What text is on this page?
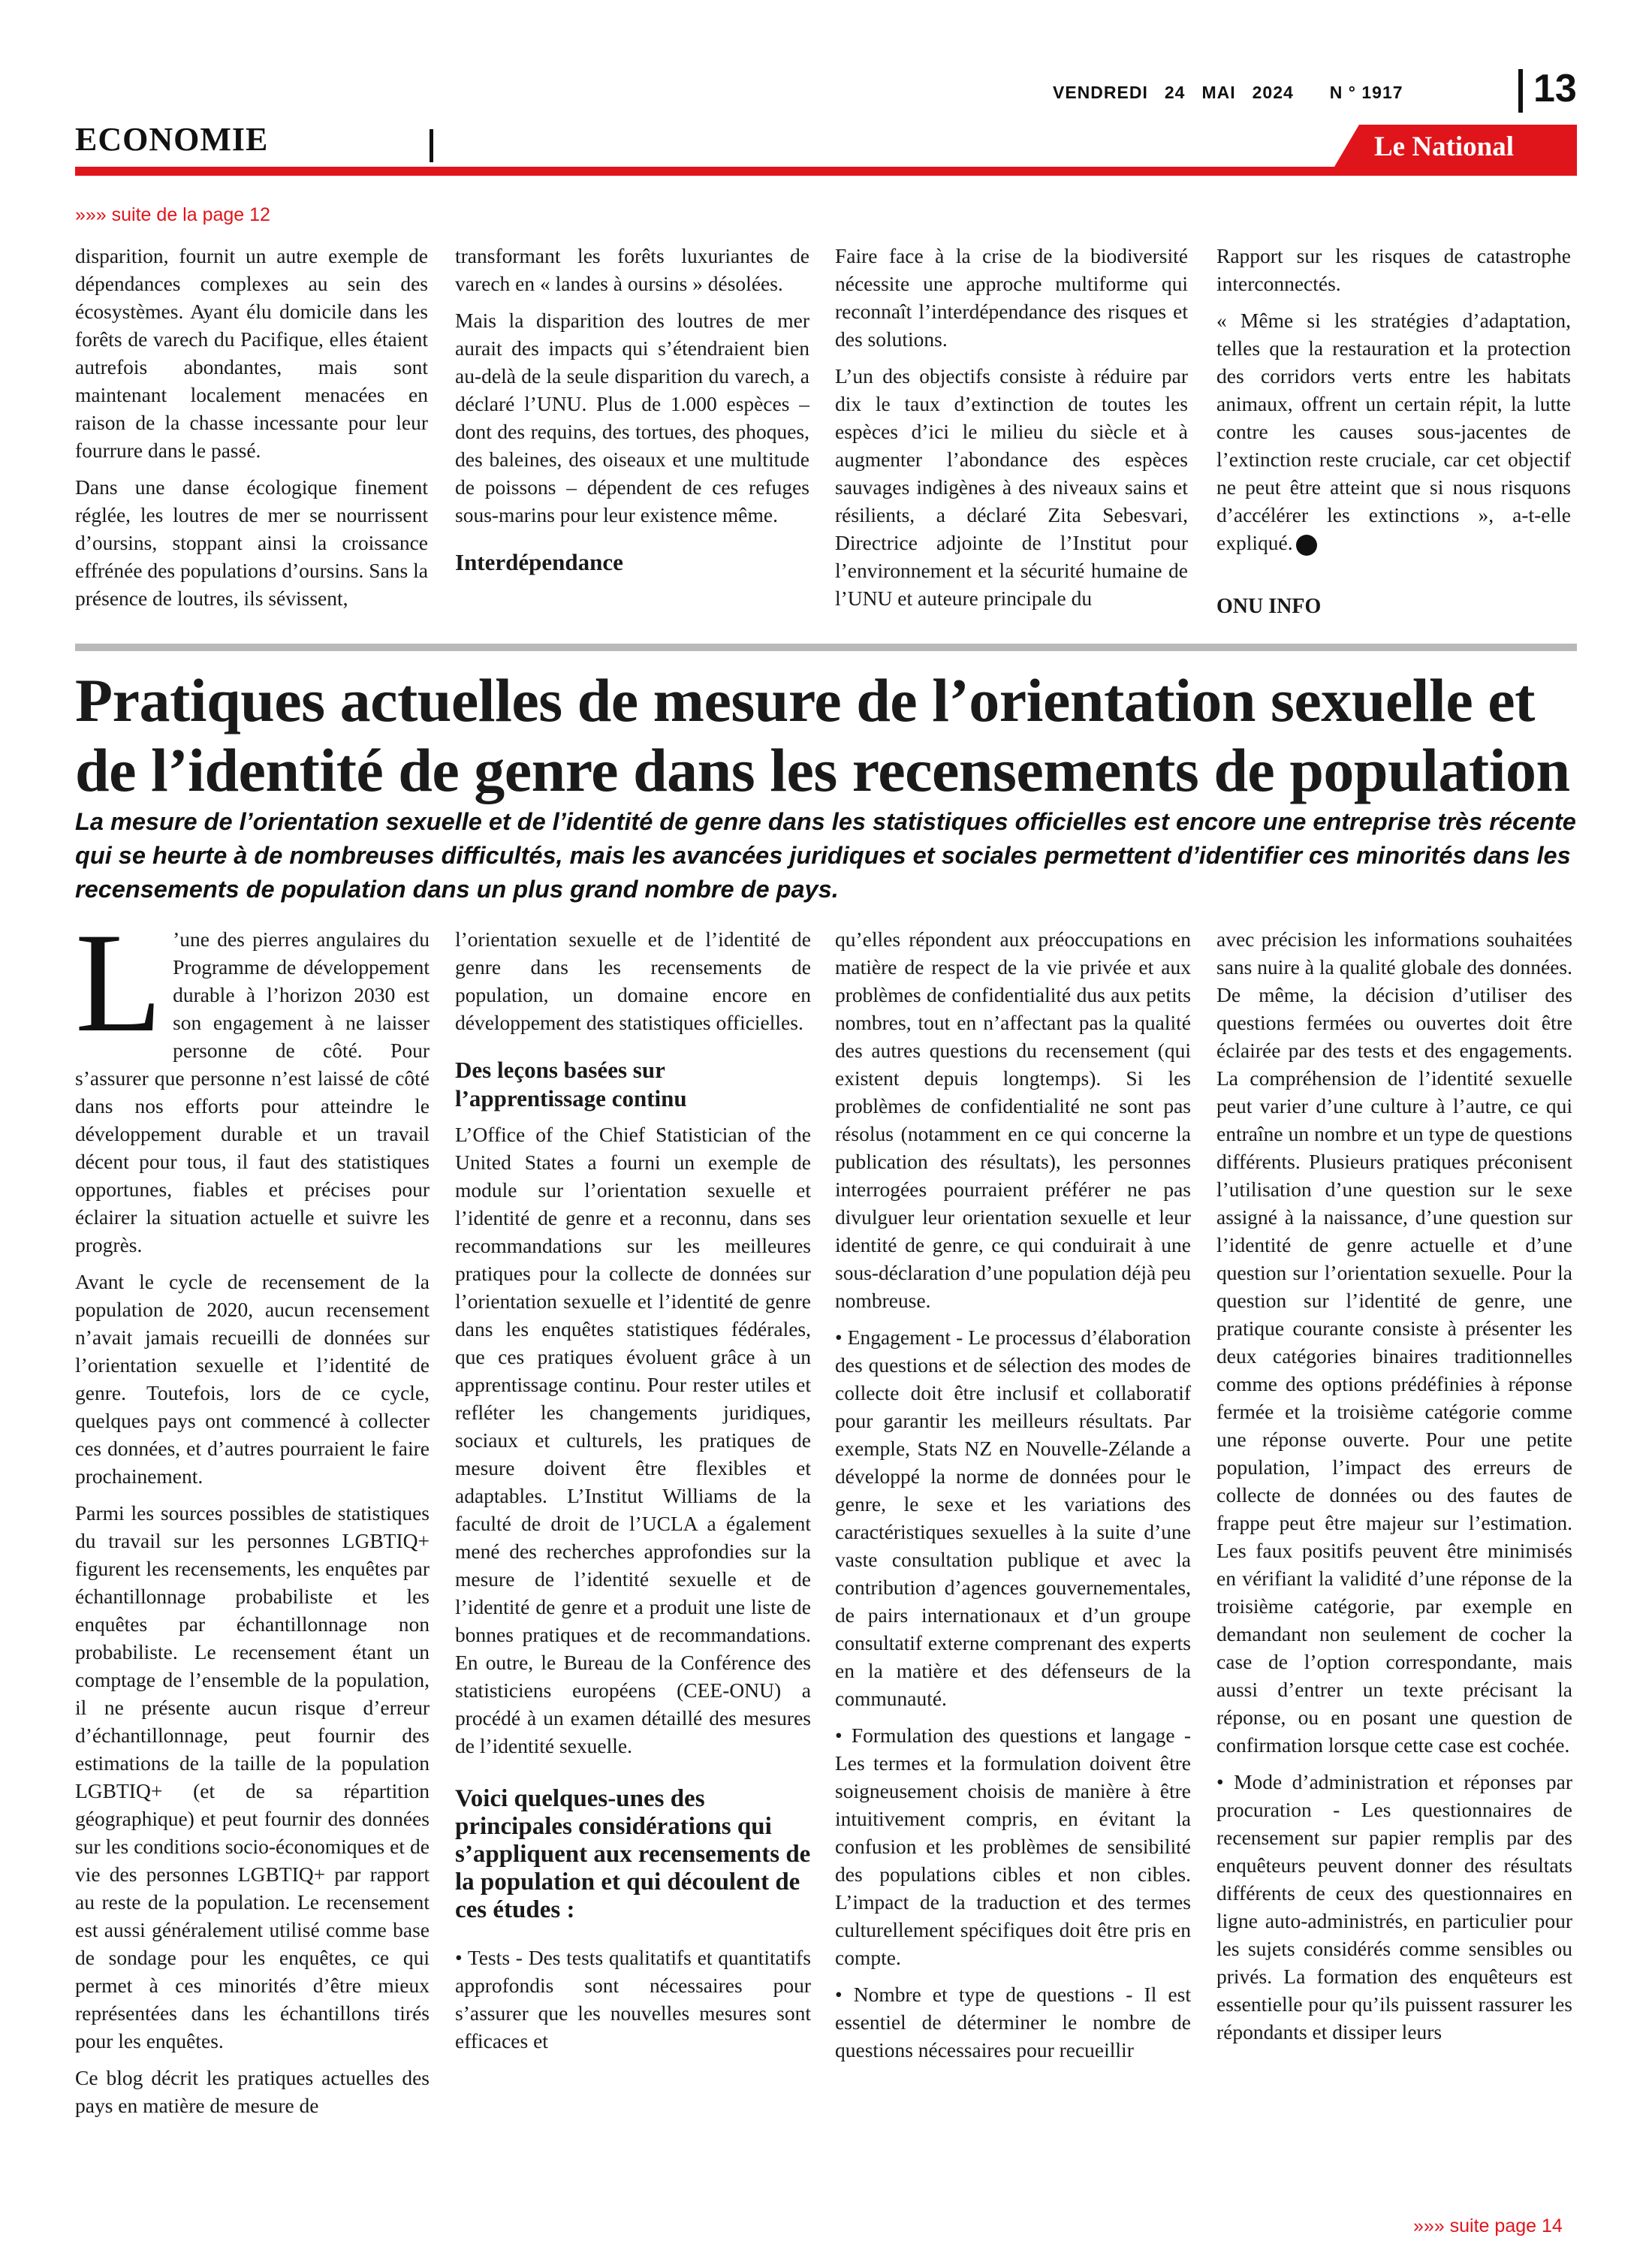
VENDREDI 24 MAI 2024 N ° 1917	13
ECONOMIE	Le National
»»» suite de la page 12

disparition, fournit un autre exemple de dépendances complexes au sein des écosystèmes. Ayant élu domicile dans les forêts de varech du Pacifique, elles étaient autrefois abondantes, mais sont maintenant localement menacées en raison de la chasse incessante pour leur fourrure dans le passé.

Dans une danse écologique finement réglée, les loutres de mer se nourrissent d’oursins, stoppant ainsi la croissance effrénée des populations d’oursins. Sans la présence de loutres, ils sévissent,

transformant les forêts luxuriantes de varech en « landes à oursins » désolées.

Mais la disparition des loutres de mer aurait des impacts qui s’étendraient bien au-delà de la seule disparition du varech, a déclaré l’UNU. Plus de 1.000 espèces – dont des requins, des tortues, des phoques, des baleines, des oiseaux et une multitude de poissons – dépendent de ces refuges sous-marins pour leur existence même.

Interdépendance

Faire face à la crise de la biodiversité nécessite une approche multiforme qui reconnaît l’interdépendance des risques et des solutions.

L’un des objectifs consiste à réduire par dix le taux d’extinction de toutes les espèces d’ici le milieu du siècle et à augmenter l’abondance des espèces sauvages indigènes à des niveaux sains et résilients, a déclaré Zita Sebesvari, Directrice adjointe de l’Institut pour l’environnement et la sécurité humaine de l’UNU et auteure principale du

Rapport sur les risques de catastrophe interconnectés.

« Même si les stratégies d’adaptation, telles que la restauration et la protection des corridors verts entre les habitats animaux, offrent un certain répit, la lutte contre les causes sous-jacentes de l’extinction reste cruciale, car cet objectif ne peut être atteint que si nous risquons d’accélérer les extinctions », a-t-elle expliqué.

ONU INFO
Pratiques actuelles de mesure de l’orientation sexuelle et de l’identité de genre dans les recensements de population

La mesure de l’orientation sexuelle et de l’identité de genre dans les statistiques officielles est encore une entreprise très récente qui se heurte à de nombreuses difficultés, mais les avancées juridiques et sociales permettent d’identifier ces minorités dans les recensements de population dans un plus grand nombre de pays.

L ’une des pierres angulaires du Programme de développement durable à l’horizon 2030 est son engagement à ne laisser personne de côté. Pour s’assurer que personne n’est laissé de côté dans nos efforts pour atteindre le développement durable et un travail décent pour tous, il faut des statistiques opportunes, fiables et précises pour éclairer la situation actuelle et suivre les progrès.

Avant le cycle de recensement de la population de 2020, aucun recensement n’avait jamais recueilli de données sur l’orientation sexuelle et l’identité de genre. Toutefois, lors de ce cycle, quelques pays ont commencé à collecter ces données, et d’autres pourraient le faire prochainement.

Parmi les sources possibles de statistiques du travail sur les personnes LGBTIQ+ figurent les recensements, les enquêtes par échantillonnage probabiliste et les enquêtes par échantillonnage non probabiliste. Le recensement étant un comptage de l’ensemble de la population, il ne présente aucun risque d’erreur d’échantillonnage, peut fournir des estimations de la taille de la population LGBTIQ+ (et de sa répartition géographique) et peut fournir des données sur les conditions socio-économiques et de vie des personnes LGBTIQ+ par rapport au reste de la population. Le recensement est aussi généralement utilisé comme base de sondage pour les enquêtes, ce qui permet à ces minorités d’être mieux représentées dans les échantillons tirés pour les enquêtes.

Ce blog décrit les pratiques actuelles des pays en matière de mesure de

l’orientation sexuelle et de l’identité de genre dans les recensements de population, un domaine encore en développement des statistiques officielles.

Des leçons basées sur l’apprentissage continu

L’Office of the Chief Statistician of the United States a fourni un exemple de module sur l’orientation sexuelle et l’identité de genre et a reconnu, dans ses recommandations sur les meilleures pratiques pour la collecte de données sur l’orientation sexuelle et l’identité de genre dans les enquêtes statistiques fédérales, que ces pratiques évoluent grâce à un apprentissage continu. Pour rester utiles et refléter les changements juridiques, sociaux et culturels, les pratiques de mesure doivent être flexibles et adaptables. L’Institut Williams de la faculté de droit de l’UCLA a également mené des recherches approfondies sur la mesure de l’identité sexuelle et de l’identité de genre et a produit une liste de bonnes pratiques et de recommandations. En outre, le Bureau de la Conférence des statisticiens européens (CEE-ONU) a procédé à un examen détaillé des mesures de l’identité sexuelle.

Voici quelques-unes des principales considérations qui s’appliquent aux recensements de la population et qui découlent de ces études :

• Tests - Des tests qualitatifs et quantitatifs approfondis sont nécessaires pour s’assurer que les nouvelles mesures sont efficaces et

qu’elles répondent aux préoccupations en matière de respect de la vie privée et aux problèmes de confidentialité dus aux petits nombres, tout en n’affectant pas la qualité des autres questions du recensement (qui existent depuis longtemps). Si les problèmes de confidentialité ne sont pas résolus (notamment en ce qui concerne la publication des résultats), les personnes interrogées pourraient préférer ne pas divulguer leur orientation sexuelle et leur identité de genre, ce qui conduirait à une sous-déclaration d’une population déjà peu nombreuse.

• Engagement - Le processus d’élaboration des questions et de sélection des modes de collecte doit être inclusif et collaboratif pour garantir les meilleurs résultats. Par exemple, Stats NZ en Nouvelle-Zélande a développé la norme de données pour le genre, le sexe et les variations des caractéristiques sexuelles à la suite d’une vaste consultation publique et avec la contribution d’agences gouvernementales, de pairs internationaux et d’un groupe consultatif externe comprenant des experts en la matière et des défenseurs de la communauté.

• Formulation des questions et langage - Les termes et la formulation doivent être soigneusement choisis de manière à être intuitivement compris, en évitant la confusion et les problèmes de sensibilité des populations cibles et non cibles. L’impact de la traduction et des termes culturellement spécifiques doit être pris en compte.

• Nombre et type de questions - Il est essentiel de déterminer le nombre de questions nécessaires pour recueillir

avec précision les informations souhaitées sans nuire à la qualité globale des données. De même, la décision d’utiliser des questions fermées ou ouvertes doit être éclairée par des tests et des engagements. La compréhension de l’identité sexuelle peut varier d’une culture à l’autre, ce qui entraîne un nombre et un type de questions différents. Plusieurs pratiques préconisent l’utilisation d’une question sur le sexe assigné à la naissance, d’une question sur l’identité de genre actuelle et d’une question sur l’orientation sexuelle. Pour la question sur l’identité de genre, une pratique courante consiste à présenter les deux catégories binaires traditionnelles comme des options prédéfinies à réponse fermée et la troisième catégorie comme une réponse ouverte. Pour une petite population, l’impact des erreurs de collecte de données ou des fautes de frappe peut être majeur sur l’estimation. Les faux positifs peuvent être minimisés en vérifiant la validité d’une réponse de la troisième catégorie, par exemple en demandant non seulement de cocher la case de l’option correspondante, mais aussi d’entrer un texte précisant la réponse, ou en posant une question de confirmation lorsque cette case est cochée.

• Mode d’administration et réponses par procuration - Les questionnaires de recensement sur papier remplis par des enquêteurs peuvent donner des résultats différents de ceux des questionnaires en ligne auto-administrés, en particulier pour les sujets considérés comme sensibles ou privés. La formation des enquêteurs est essentielle pour qu’ils puissent rassurer les répondants et dissiper leurs

»»» suite page 14
